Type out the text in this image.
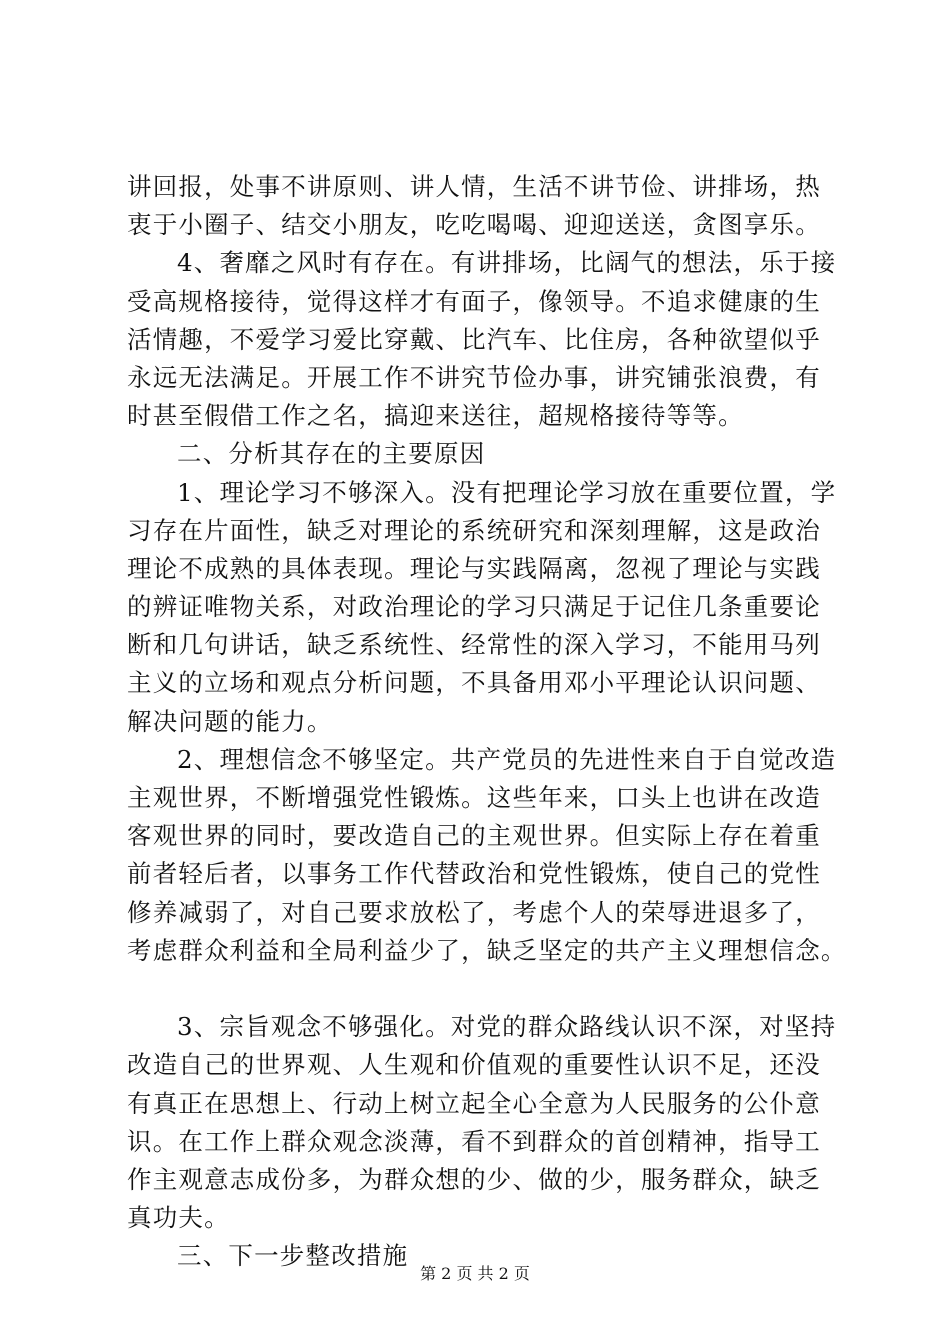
讲回报，处事不讲原则、讲人情，生活不讲节俭、讲排场，热
衷于小圈子、结交小朋友，吃吃喝喝、迎迎送送，贪图享乐。
4、奢靡之风时有存在。有讲排场，比阔气的想法，乐于接
受高规格接待，觉得这样才有面子，像领导。不追求健康的生
活情趣，不爱学习爱比穿戴、比汽车、比住房，各种欲望似乎
永远无法满足。开展工作不讲究节俭办事，讲究铺张浪费，有
时甚至假借工作之名，搞迎来送往，超规格接待等等。
二、分析其存在的主要原因
1、理论学习不够深入。没有把理论学习放在重要位置，学
习存在片面性，缺乏对理论的系统研究和深刻理解，这是政治
理论不成熟的具体表现。理论与实践隔离，忽视了理论与实践
的辨证唯物关系，对政治理论的学习只满足于记住几条重要论
断和几句讲话，缺乏系统性、经常性的深入学习，不能用马列
主义的立场和观点分析问题，不具备用邓小平理论认识问题、
解决问题的能力。
2、理想信念不够坚定。共产党员的先进性来自于自觉改造
主观世界，不断增强党性锻炼。这些年来，口头上也讲在改造
客观世界的同时，要改造自己的主观世界。但实际上存在着重
前者轻后者，以事务工作代替政治和党性锻炼，使自己的党性
修养减弱了，对自己要求放松了，考虑个人的荣辱进退多了，
考虑群众利益和全局利益少了，缺乏坚定的共产主义理想信念。
3、宗旨观念不够强化。对党的群众路线认识不深，对坚持
改造自己的世界观、人生观和价值观的重要性认识不足，还没
有真正在思想上、行动上树立起全心全意为人民服务的公仆意
识。在工作上群众观念淡薄，看不到群众的首创精神，指导工
作主观意志成份多，为群众想的少、做的少，服务群众，缺乏
真功夫。
三、下一步整改措施
第 2 页 共 2 页
